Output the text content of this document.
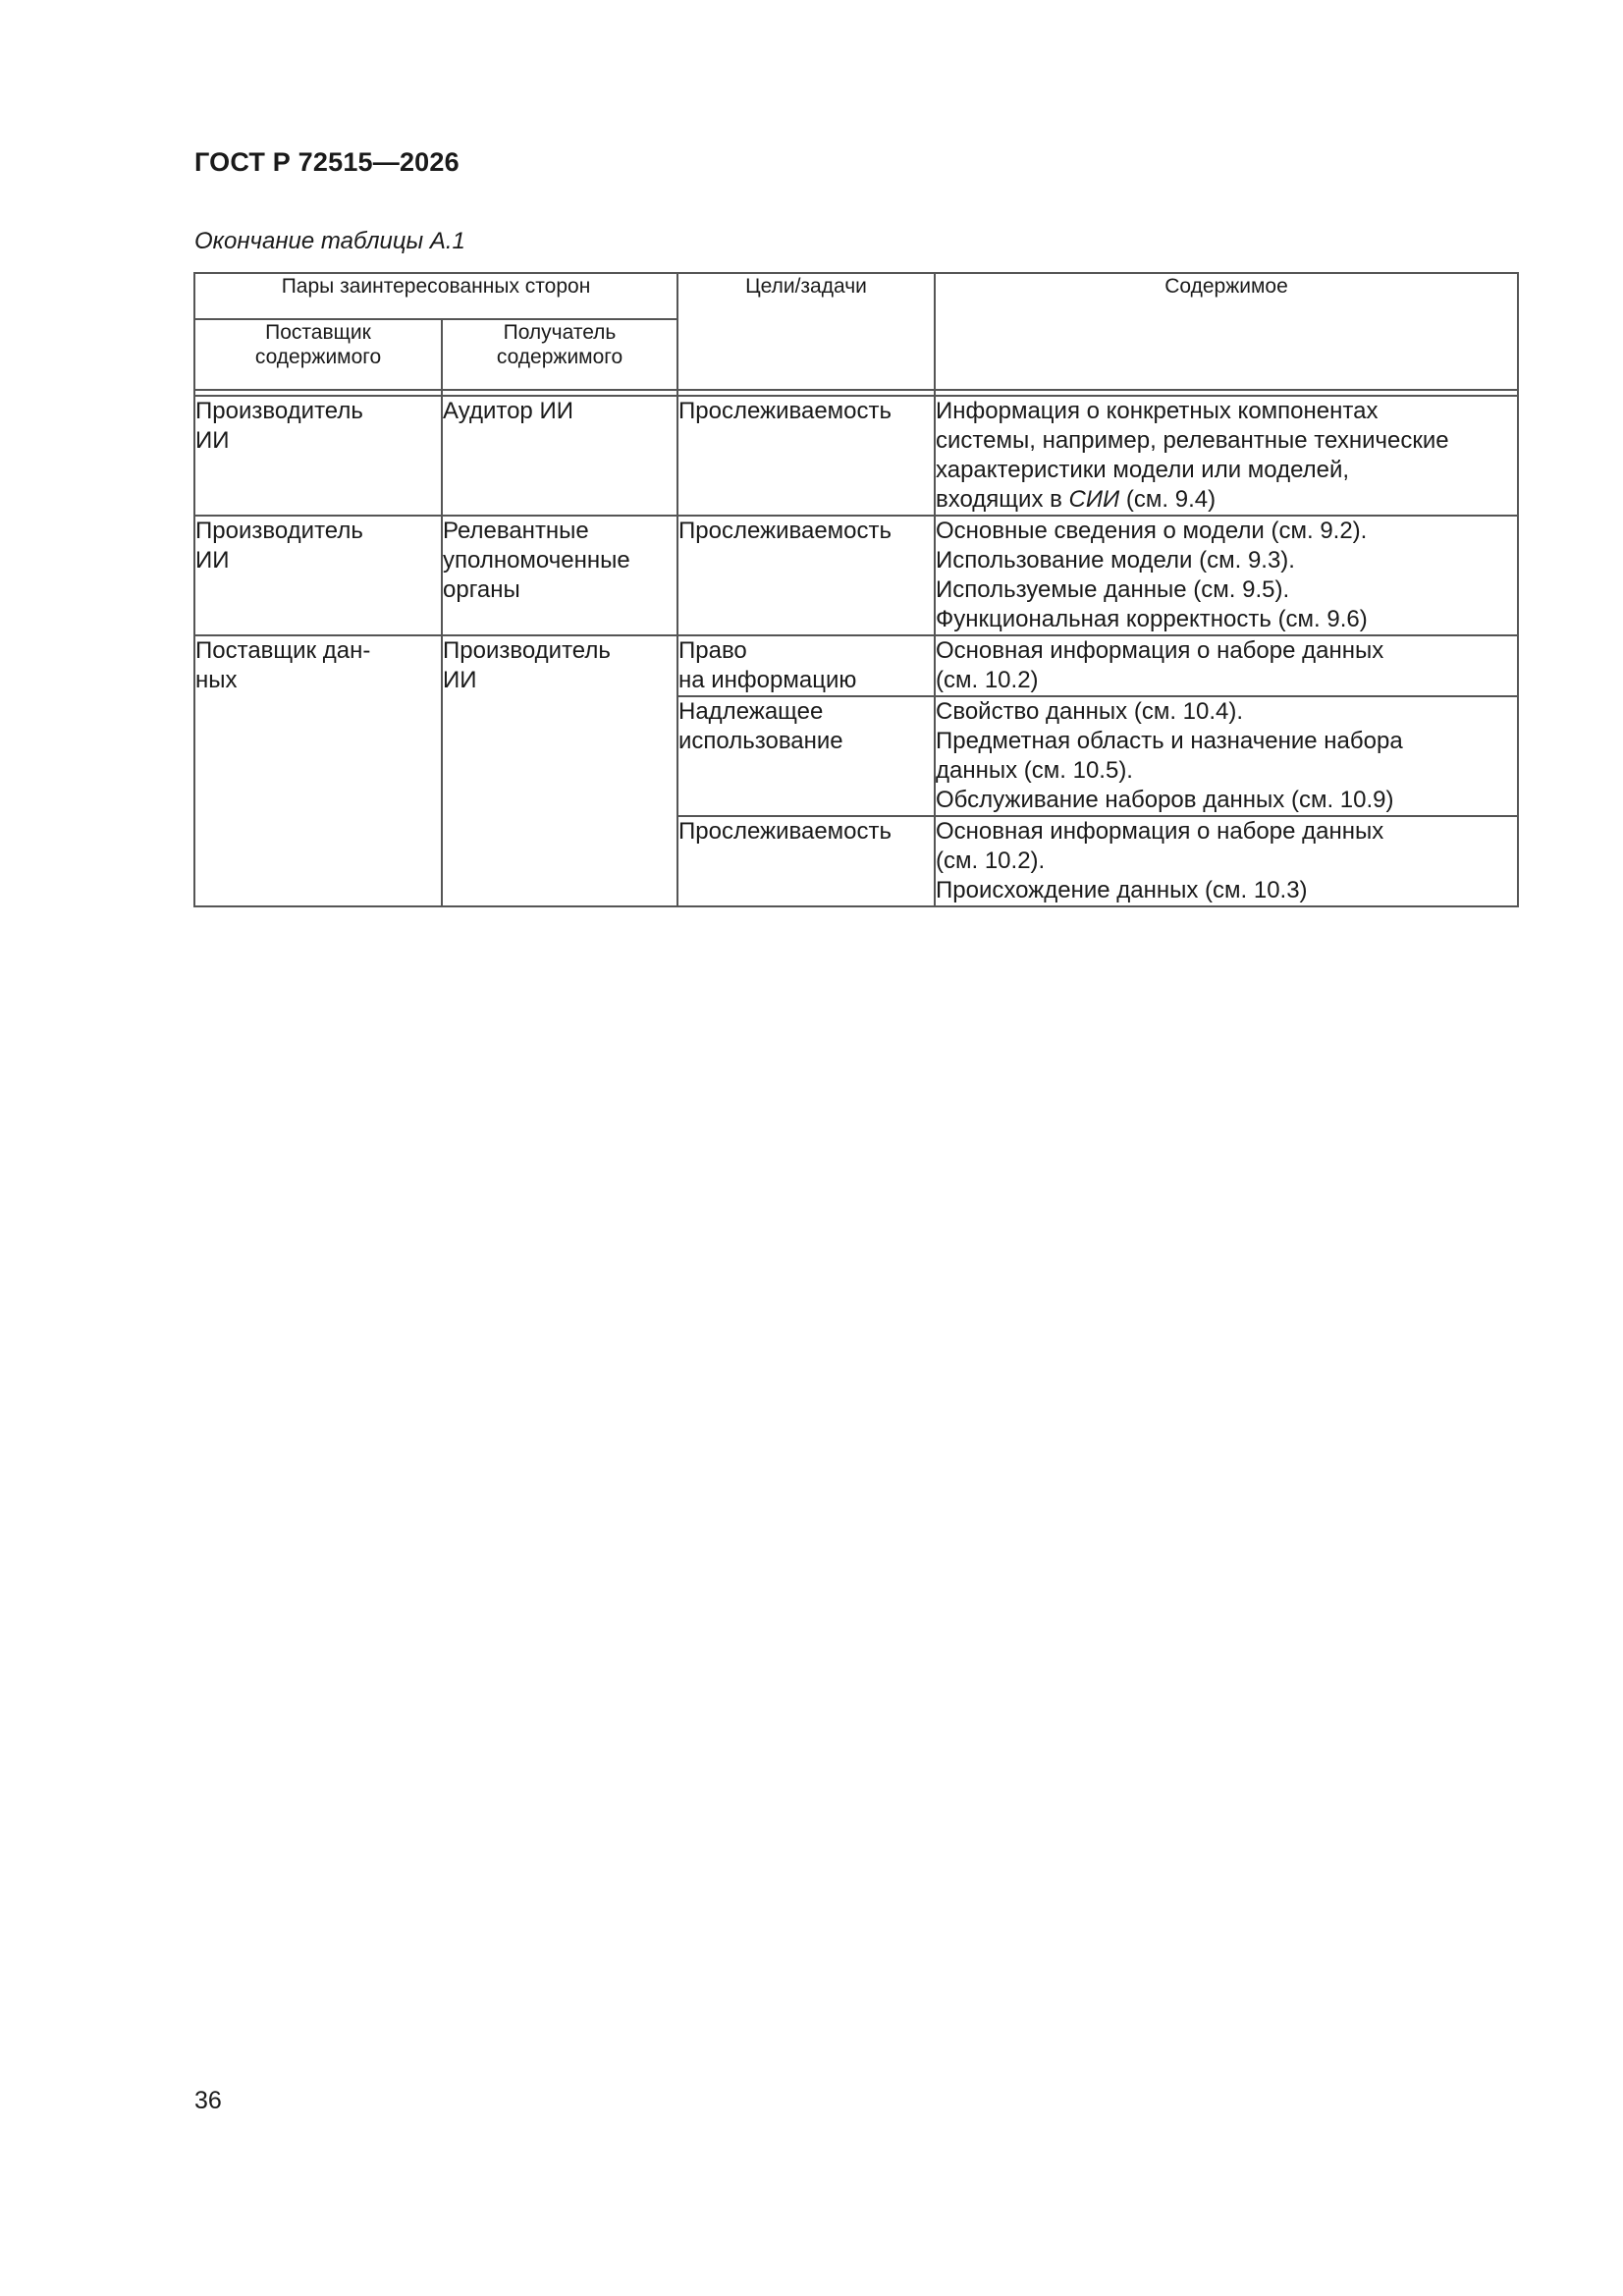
ГОСТ Р 72515—2026
Окончание таблицы А.1
Пары заинтересованных сторон		Цели/задачи	Содержимое

Поставщик
содержимого	Получатель
содержимого		

Производитель
ИИ	Аудитор ИИ	Прослеживаемость	Информация о конкретных компонентах
системы, например, релевантные технические
характеристики модели или моделей,
входящих в СИИ (см. 9.4)

Производитель
ИИ	Релевантные
уполномоченные
органы	Прослеживаемость	Основные сведения о модели (см. 9.2).
Использование модели (см. 9.3).
Используемые данные (см. 9.5).
Функциональная корректность (см. 9.6)

Поставщик дан-
ных	Производитель
ИИ	Право
на информацию	Основная информация о наборе данных
(см. 10.2)

		Надлежащее
использование	Свойство данных (см. 10.4).
Предметная область и назначение набора
данных (см. 10.5).
Обслуживание наборов данных (см. 10.9)

		Прослеживаемость	Основная информация о наборе данных
(см. 10.2).
Происхождение данных (см. 10.3)
36
